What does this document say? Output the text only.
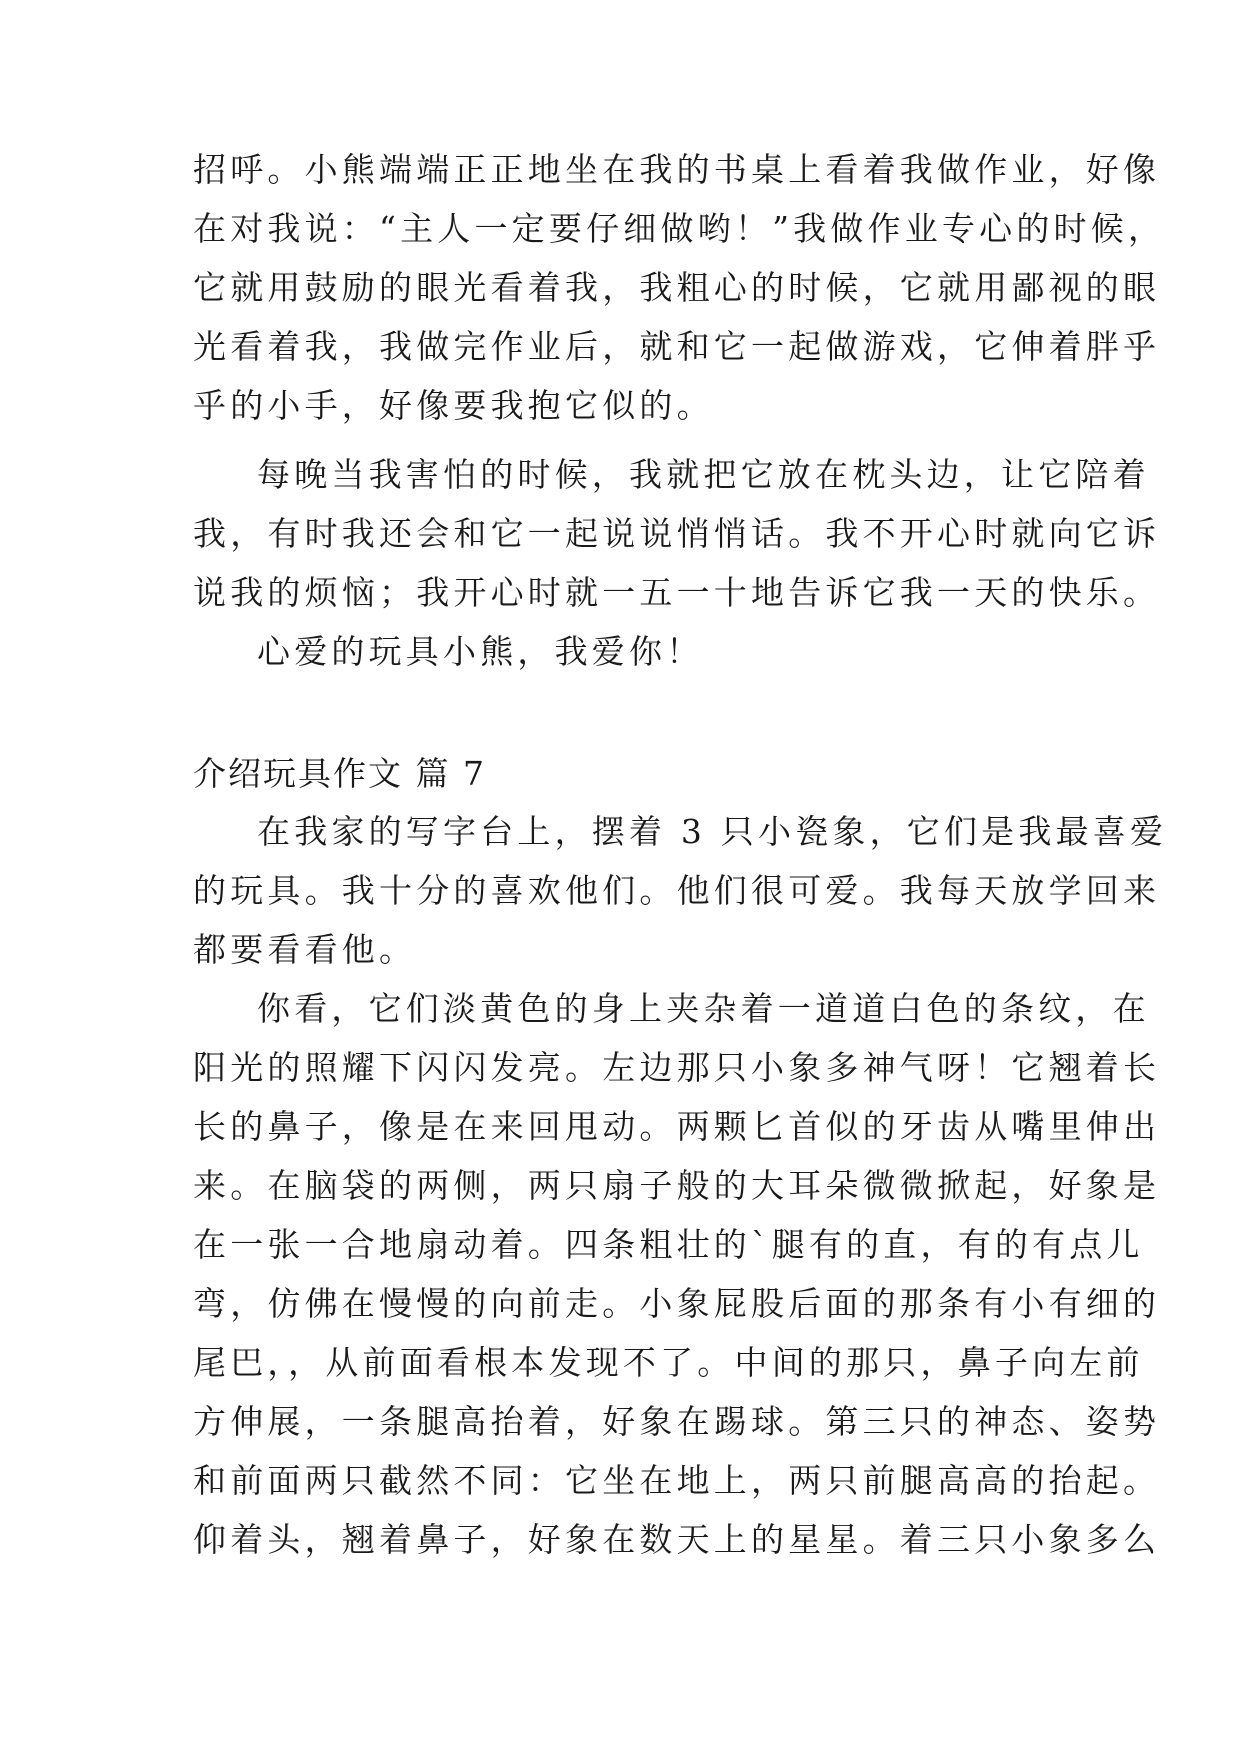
招呼。小熊端端正正地坐在我的书桌上看着我做作业，好像
在对我说：“主人一定要仔细做哟！”我做作业专心的时候，
它就用鼓励的眼光看着我，我粗心的时候，它就用鄙视的眼
光看着我，我做完作业后，就和它一起做游戏，它伸着胖乎
乎的小手，好像要我抱它似的。
每晚当我害怕的时候，我就把它放在枕头边，让它陪着
我，有时我还会和它一起说说悄悄话。我不开心时就向它诉
说我的烦恼；我开心时就一五一十地告诉它我一天的快乐。
心爱的玩具小熊，我爱你！
介绍玩具作文 篇 7
在我家的写字台上，摆着 3 只小瓷象，它们是我最喜爱
的玩具。我十分的喜欢他们。他们很可爱。我每天放学回来
都要看看他。
你看，它们淡黄色的身上夹杂着一道道白色的条纹，在
阳光的照耀下闪闪发亮。左边那只小象多神气呀！它翘着长
长的鼻子，像是在来回甩动。两颗匕首似的牙齿从嘴里伸出
来。在脑袋的两侧，两只扇子般的大耳朵微微掀起，好象是
在一张一合地扇动着。四条粗壮的`腿有的直，有的有点儿
弯，仿佛在慢慢的向前走。小象屁股后面的那条有小有细的
尾巴，，从前面看根本发现不了。中间的那只，鼻子向左前
方伸展，一条腿高抬着，好象在踢球。第三只的神态、姿势
和前面两只截然不同：它坐在地上，两只前腿高高的抬起。
仰着头，翘着鼻子，好象在数天上的星星。着三只小象多么
